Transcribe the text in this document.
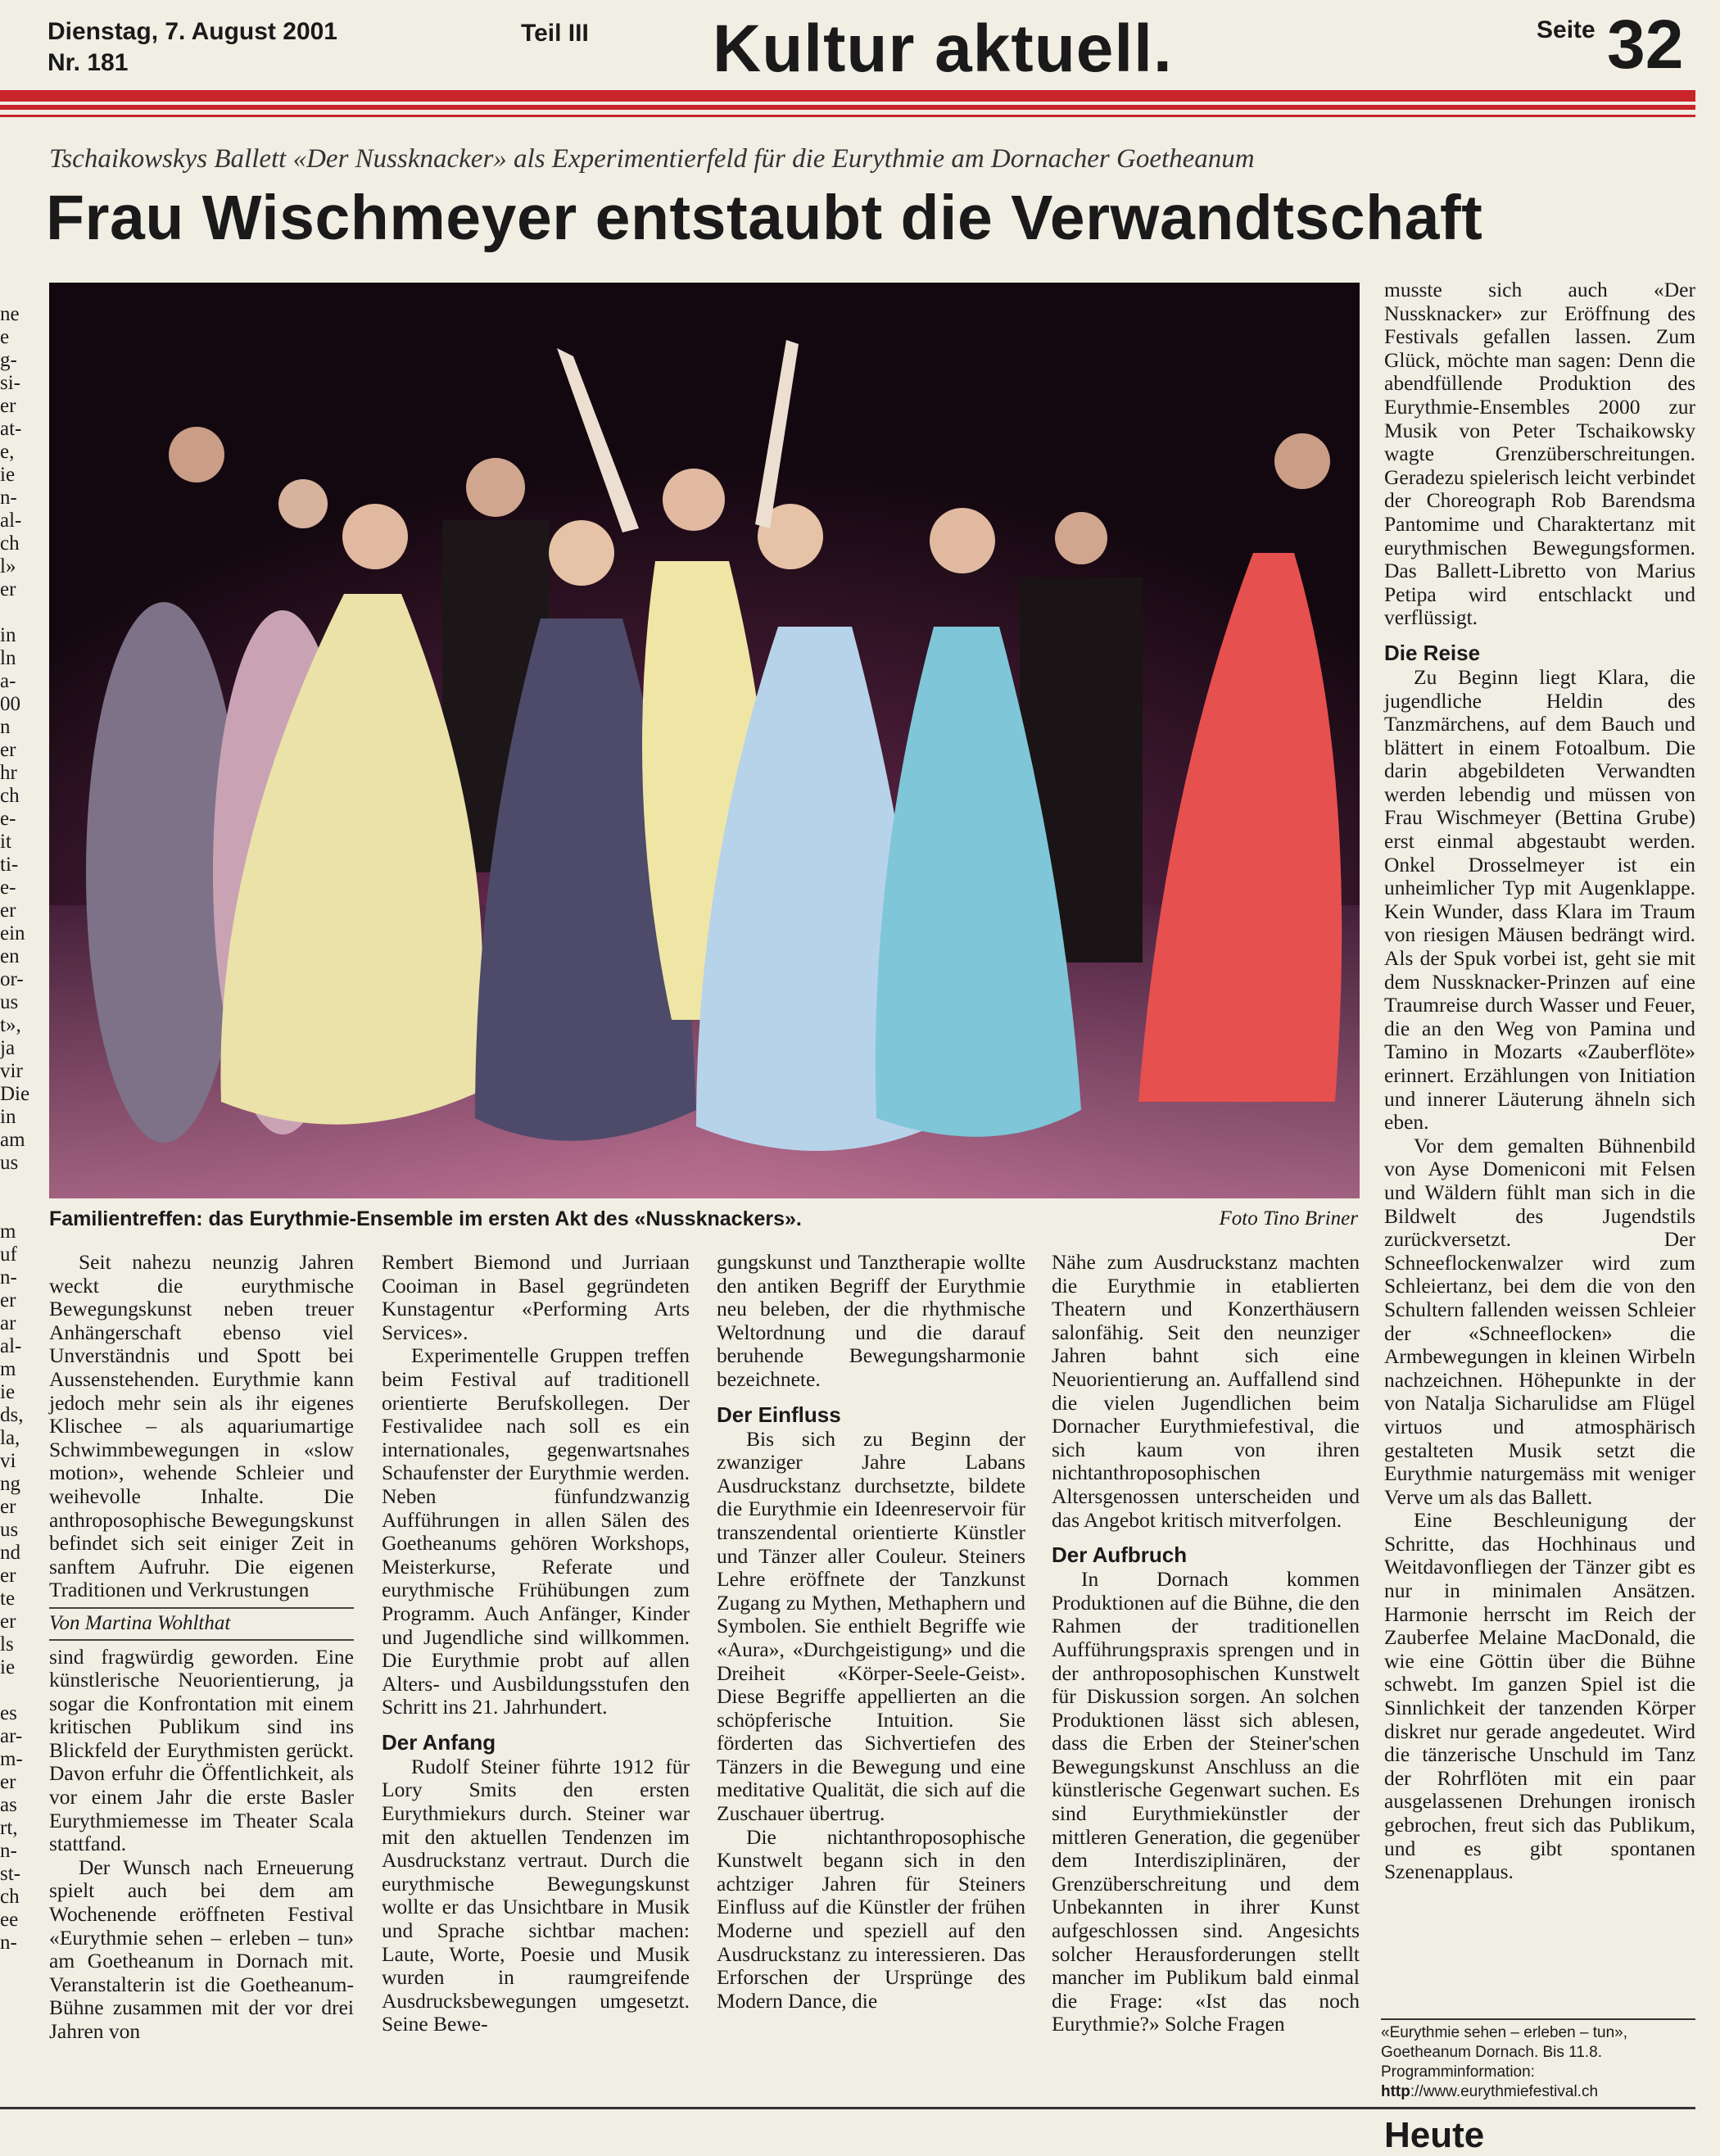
Dienstag, 7. August 2001
Nr. 181
Teil III Kultur aktuell.	Seite 32
Tschaikowskys Ballett «Der Nussknacker» als Experimentierfeld für die Eurythmie am Dornacher Goetheanum
Frau Wischmeyer entstaubt die Verwandtschaft
ne
e
g-
si-
er
at-
e,
ie
n-
al-
ch
l»
er
in
ln
a-
00
n
er
hr
ch
e-
it
ti-
e-
er
ein
en
or-
us
t»,
ja
vir
Die
in
am
us
m
uf
n-
er
ar
al-
m
ie
ds,
la,
vi
ng
er
us
nd
er
te
er
ls
ie
es
ar-
m-
er
as
rt,
n-
st-
ch
ee
n-
Familientreffen: das Eurythmie-Ensemble im ersten Akt des «Nussknackers».	Foto Tino Briner

Seit nahezu neunzig Jahren weckt die eurythmische Bewegungskunst neben treuer Anhängerschaft ebenso viel Unverständnis und Spott bei Aussenstehenden. Eurythmie kann jedoch mehr sein als ihr eigenes Klischee – als aquariumartige Schwimmbewegungen in «slow motion», wehende Schleier und weihevolle Inhalte. Die anthroposophische Bewegungskunst befindet sich seit einiger Zeit in sanftem Aufruhr. Die eigenen Traditionen und Verkrustungen

Von Martina Wohlthat

sind fragwürdig geworden. Eine künstlerische Neuorientierung, ja sogar die Konfrontation mit einem kritischen Publikum sind ins Blickfeld der Eurythmisten gerückt. Davon erfuhr die Öffentlichkeit, als vor einem Jahr die erste Basler Eurythmiemesse im Theater Scala stattfand.

Der Wunsch nach Erneuerung spielt auch bei dem am Wochenende eröffneten Festival «Eurythmie sehen – erleben – tun» am Goetheanum in Dornach mit. Veranstalterin ist die Goetheanum-Bühne zusammen mit der vor drei Jahren von

Rembert Biemond und Jurriaan Cooiman in Basel gegründeten Kunstagentur «Performing Arts Services».

Experimentelle Gruppen treffen beim Festival auf traditionell orientierte Berufskollegen. Der Festivalidee nach soll es ein internationales, gegenwartsnahes Schaufenster der Eurythmie werden. Neben fünfundzwanzig Aufführungen in allen Sälen des Goetheanums gehören Workshops, Meisterkurse, Referate und eurythmische Frühübungen zum Programm. Auch Anfänger, Kinder und Jugendliche sind willkommen. Die Eurythmie probt auf allen Alters- und Ausbildungsstufen den Schritt ins 21. Jahrhundert.

Der Anfang

Rudolf Steiner führte 1912 für Lory Smits den ersten Eurythmiekurs durch. Steiner war mit den aktuellen Tendenzen im Ausdruckstanz vertraut. Durch die eurythmische Bewegungskunst wollte er das Unsichtbare in Musik und Sprache sichtbar machen: Laute, Worte, Poesie und Musik wurden in raumgreifende Ausdrucksbewegungen umgesetzt. Seine Bewe-

gungskunst und Tanztherapie wollte den antiken Begriff der Eurythmie neu beleben, der die rhythmische Weltordnung und die darauf beruhende Bewegungsharmonie bezeichnete.

Der Einfluss

Bis sich zu Beginn der zwanziger Jahre Labans Ausdruckstanz durchsetzte, bildete die Eurythmie ein Ideenreservoir für transzendental orientierte Künstler und Tänzer aller Couleur. Steiners Lehre eröffnete der Tanzkunst Zugang zu Mythen, Methaphern und Symbolen. Sie enthielt Begriffe wie «Aura», «Durchgeistigung» und die Dreiheit «Körper-Seele-Geist». Diese Begriffe appellierten an die schöpferische Intuition. Sie förderten das Sichvertiefen des Tänzers in die Bewegung und eine meditative Qualität, die sich auf die Zuschauer übertrug.

Die nichtanthroposophische Kunstwelt begann sich in den achtziger Jahren für Steiners Einfluss auf die Künstler der frühen Moderne und speziell auf den Ausdruckstanz zu interessieren. Das Erforschen der Ursprünge des Modern Dance, die

Nähe zum Ausdruckstanz machten die Eurythmie in etablierten Theatern und Konzerthäusern salonfähig. Seit den neunziger Jahren bahnt sich eine Neuorientierung an. Auffallend sind die vielen Jugendlichen beim Dornacher Eurythmiefestival, die sich kaum von ihren nichtanthroposophischen Altersgenossen unterscheiden und das Angebot kritisch mitverfolgen.

Der Aufbruch

In Dornach kommen Produktionen auf die Bühne, die den Rahmen der traditionellen Aufführungspraxis sprengen und in der anthroposophischen Kunstwelt für Diskussion sorgen. An solchen Produktionen lässt sich ablesen, dass die Erben der Steiner'schen Bewegungskunst Anschluss an die künstlerische Gegenwart suchen. Es sind Eurythmiekünstler der mittleren Generation, die gegenüber dem Interdisziplinären, der Grenzüberschreitung und dem Unbekannten in ihrer Kunst aufgeschlossen sind. Angesichts solcher Herausforderungen stellt mancher im Publikum bald einmal die Frage: «Ist das noch Eurythmie?» Solche Fragen

musste sich auch «Der Nussknacker» zur Eröffnung des Festivals gefallen lassen. Zum Glück, möchte man sagen: Denn die abendfüllende Produktion des Eurythmie-Ensembles 2000 zur Musik von Peter Tschaikowsky wagte Grenzüberschreitungen. Geradezu spielerisch leicht verbindet der Choreograph Rob Barendsma Pantomime und Charaktertanz mit eurythmischen Bewegungsformen. Das Ballett-Libretto von Marius Petipa wird entschlackt und verflüssigt.

Die Reise

Zu Beginn liegt Klara, die jugendliche Heldin des Tanzmärchens, auf dem Bauch und blättert in einem Fotoalbum. Die darin abgebildeten Verwandten werden lebendig und müssen von Frau Wischmeyer (Bettina Grube) erst einmal abgestaubt werden. Onkel Drosselmeyer ist ein unheimlicher Typ mit Augenklappe. Kein Wunder, dass Klara im Traum von riesigen Mäusen bedrängt wird. Als der Spuk vorbei ist, geht sie mit dem Nussknacker-Prinzen auf eine Traumreise durch Wasser und Feuer, die an den Weg von Pamina und Tamino in Mozarts «Zauberflöte» erinnert. Erzählungen von Initiation und innerer Läuterung ähneln sich eben.

Vor dem gemalten Bühnenbild von Ayse Domeniconi mit Felsen und Wäldern fühlt man sich in die Bildwelt des Jugendstils zurückversetzt. Der Schneeflockenwalzer wird zum Schleiertanz, bei dem die von den Schultern fallenden weissen Schleier der «Schneeflocken» die Armbewegungen in kleinen Wirbeln nachzeichnen. Höhepunkte in der von Natalja Sicharulidse am Flügel virtuos und atmosphärisch gestalteten Musik setzt die Eurythmie naturgemäss mit weniger Verve um als das Ballett.

Eine Beschleunigung der Schritte, das Hochhinaus und Weitdavonfliegen der Tänzer gibt es nur in minimalen Ansätzen. Harmonie herrscht im Reich der Zauberfee Melaine MacDonald, die wie eine Göttin über die Bühne schwebt. Im ganzen Spiel ist die Sinnlichkeit der tanzenden Körper diskret nur gerade angedeutet. Wird die tänzerische Unschuld im Tanz der Rohrflöten mit ein paar ausgelassenen Drehungen ironisch gebrochen, freut sich das Publikum, und es gibt spontanen Szenenapplaus.

«Eurythmie sehen – erleben – tun», Goetheanum Dornach. Bis 11.8. Programminformation: http://www.eurythmiefestival.ch
Heute
